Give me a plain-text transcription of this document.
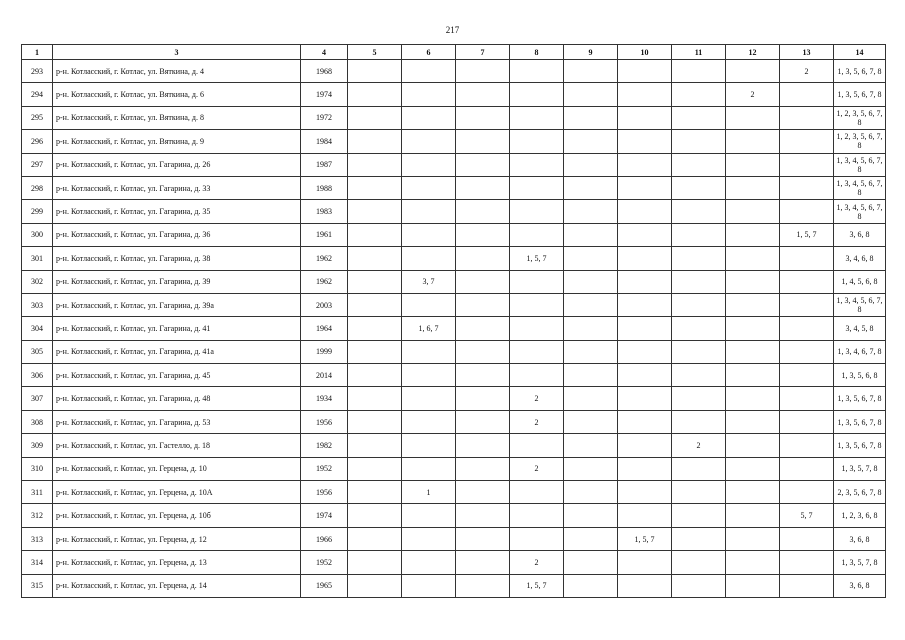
217
1	3	4	5	6	7	8	9	10	11	12	13	14
293	р-н. Котласский, г. Котлас, ул. Вяткина, д. 4	1968									2	1, 3, 5, 6, 7, 8
294	р-н. Котласский, г. Котлас, ул. Вяткина, д. 6	1974								2		1, 3, 5, 6, 7, 8
295	р-н. Котласский, г. Котлас, ул. Вяткина, д. 8	1972										1, 2, 3, 5, 6, 7, 8
296	р-н. Котласский, г. Котлас, ул. Вяткина, д. 9	1984										1, 2, 3, 5, 6, 7, 8
297	р-н. Котласский, г. Котлас, ул. Гагарина, д. 26	1987										1, 3, 4, 5, 6, 7, 8
298	р-н. Котласский, г. Котлас, ул. Гагарина, д. 33	1988										1, 3, 4, 5, 6, 7, 8
299	р-н. Котласский, г. Котлас, ул. Гагарина, д. 35	1983										1, 3, 4, 5, 6, 7, 8
300	р-н. Котласский, г. Котлас, ул. Гагарина, д. 36	1961									1, 5, 7	3, 6, 8
301	р-н. Котласский, г. Котлас, ул. Гагарина, д. 38	1962				1, 5, 7						3, 4, 6, 8
302	р-н. Котласский, г. Котлас, ул. Гагарина, д. 39	1962		3, 7								1, 4, 5, 6, 8
303	р-н. Котласский, г. Котлас, ул. Гагарина, д. 39а	2003										1, 3, 4, 5, 6, 7, 8
304	р-н. Котласский, г. Котлас, ул. Гагарина, д. 41	1964		1, 6, 7								3, 4, 5, 8
305	р-н. Котласский, г. Котлас, ул. Гагарина, д. 41а	1999										1, 3, 4, 6, 7, 8
306	р-н. Котласский, г. Котлас, ул. Гагарина, д. 45	2014										1, 3, 5, 6, 8
307	р-н. Котласский, г. Котлас, ул. Гагарина, д. 48	1934				2						1, 3, 5, 6, 7, 8
308	р-н. Котласский, г. Котлас, ул. Гагарина, д. 53	1956				2						1, 3, 5, 6, 7, 8
309	р-н. Котласский, г. Котлас, ул. Гастелло, д. 18	1982							2			1, 3, 5, 6, 7, 8
310	р-н. Котласский, г. Котлас, ул. Герцена, д. 10	1952				2						1, 3, 5, 7, 8
311	р-н. Котласский, г. Котлас, ул. Герцена, д. 10А	1956		1								2, 3, 5, 6, 7, 8
312	р-н. Котласский, г. Котлас, ул. Герцена, д. 10б	1974									5, 7	1, 2, 3, 6, 8
313	р-н. Котласский, г. Котлас, ул. Герцена, д. 12	1966						1, 5, 7				3, 6, 8
314	р-н. Котласский, г. Котлас, ул. Герцена, д. 13	1952				2						1, 3, 5, 7, 8
315	р-н. Котласский, г. Котлас, ул. Герцена, д. 14	1965				1, 5, 7						3, 6, 8
